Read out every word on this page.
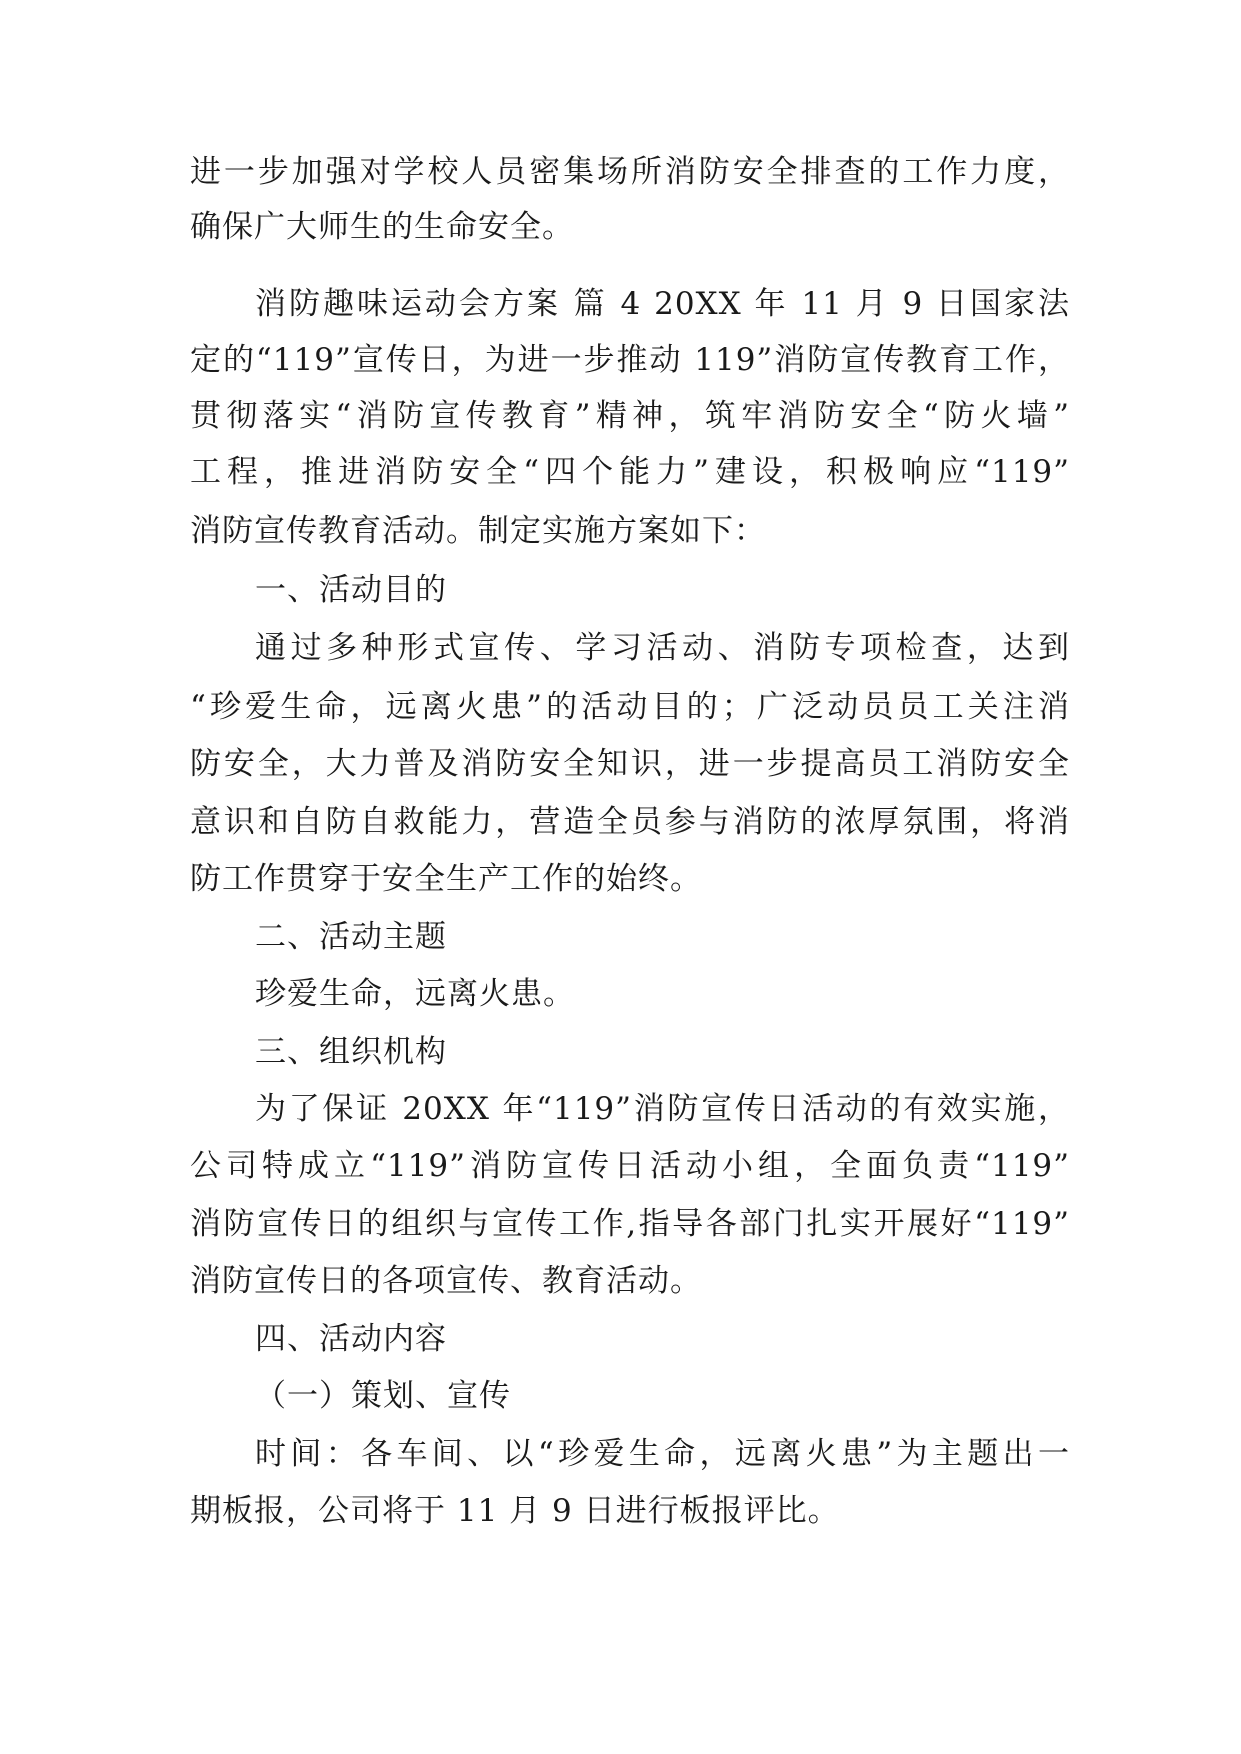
进一步加强对学校人员密集场所消防安全排查的工作力度，
确保广大师生的生命安全。
消防趣味运动会方案 篇 4 20XX 年 11 月 9 日国家法
定的“119”宣传日，为进一步推动 119”消防宣传教育工作，
贯彻落实“消防宣传教育”精神，筑牢消防安全“防火墙”
工程，推进消防安全“四个能力”建设，积极响应“119”
消防宣传教育活动。制定实施方案如下：
一、活动目的
通过多种形式宣传、学习活动、消防专项检查，达到
“珍爱生命，远离火患”的活动目的；广泛动员员工关注消
防安全，大力普及消防安全知识，进一步提高员工消防安全
意识和自防自救能力，营造全员参与消防的浓厚氛围，将消
防工作贯穿于安全生产工作的始终。
二、活动主题
珍爱生命，远离火患。
三、组织机构
为了保证 20XX 年“119”消防宣传日活动的有效实施，
公司特成立“119”消防宣传日活动小组，全面负责“119”
消防宣传日的组织与宣传工作,指导各部门扎实开展好“119”
消防宣传日的各项宣传、教育活动。
四、活动内容
（一）策划、宣传
时间：各车间、以“珍爱生命，远离火患”为主题出一
期板报，公司将于 11 月 9 日进行板报评比。
